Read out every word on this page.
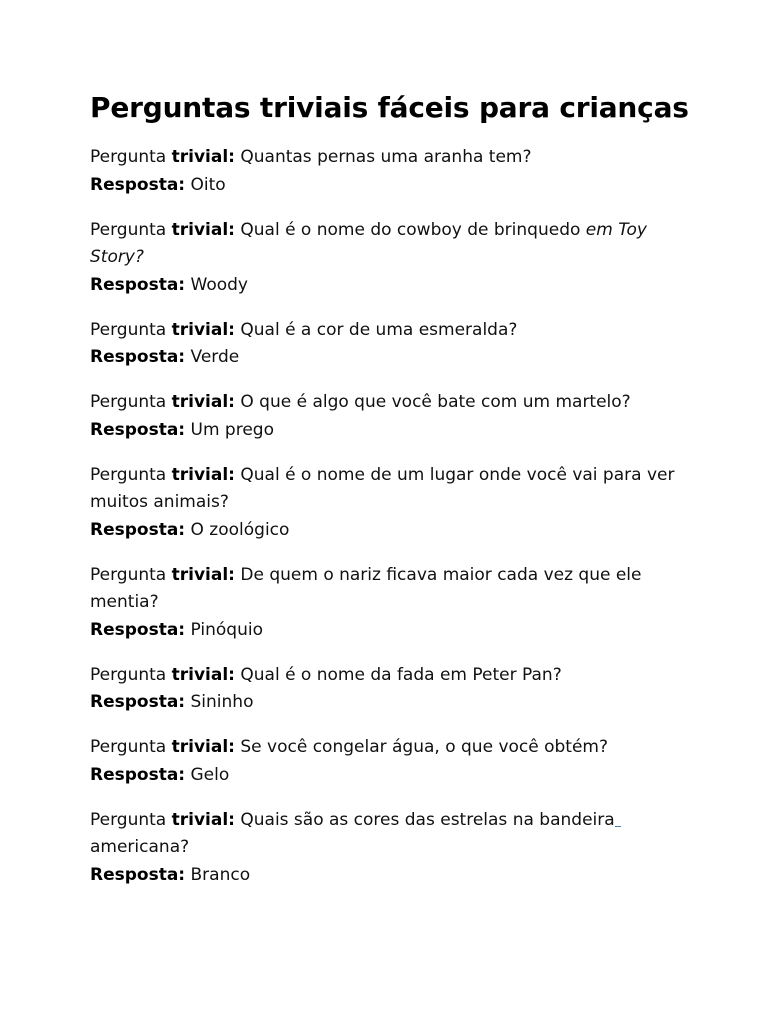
Perguntas triviais fáceis para crianças

Pergunta trivial: Quantas pernas uma aranha tem?

Resposta: Oito

Pergunta trivial: Qual é o nome do cowboy de brinquedo em Toy Story?

Resposta: Woody

Pergunta trivial: Qual é a cor de uma esmeralda?

Resposta: Verde

Pergunta trivial: O que é algo que você bate com um martelo?

Resposta: Um prego

Pergunta trivial: Qual é o nome de um lugar onde você vai para ver muitos animais?

Resposta: O zoológico

Pergunta trivial: De quem o nariz ficava maior cada vez que ele mentia?

Resposta: Pinóquio

Pergunta trivial: Qual é o nome da fada em Peter Pan?

Resposta: Sininho

Pergunta trivial: Se você congelar água, o que você obtém?

Resposta: Gelo

Pergunta trivial: Quais são as cores das estrelas na bandeira americana?

Resposta: Branco
